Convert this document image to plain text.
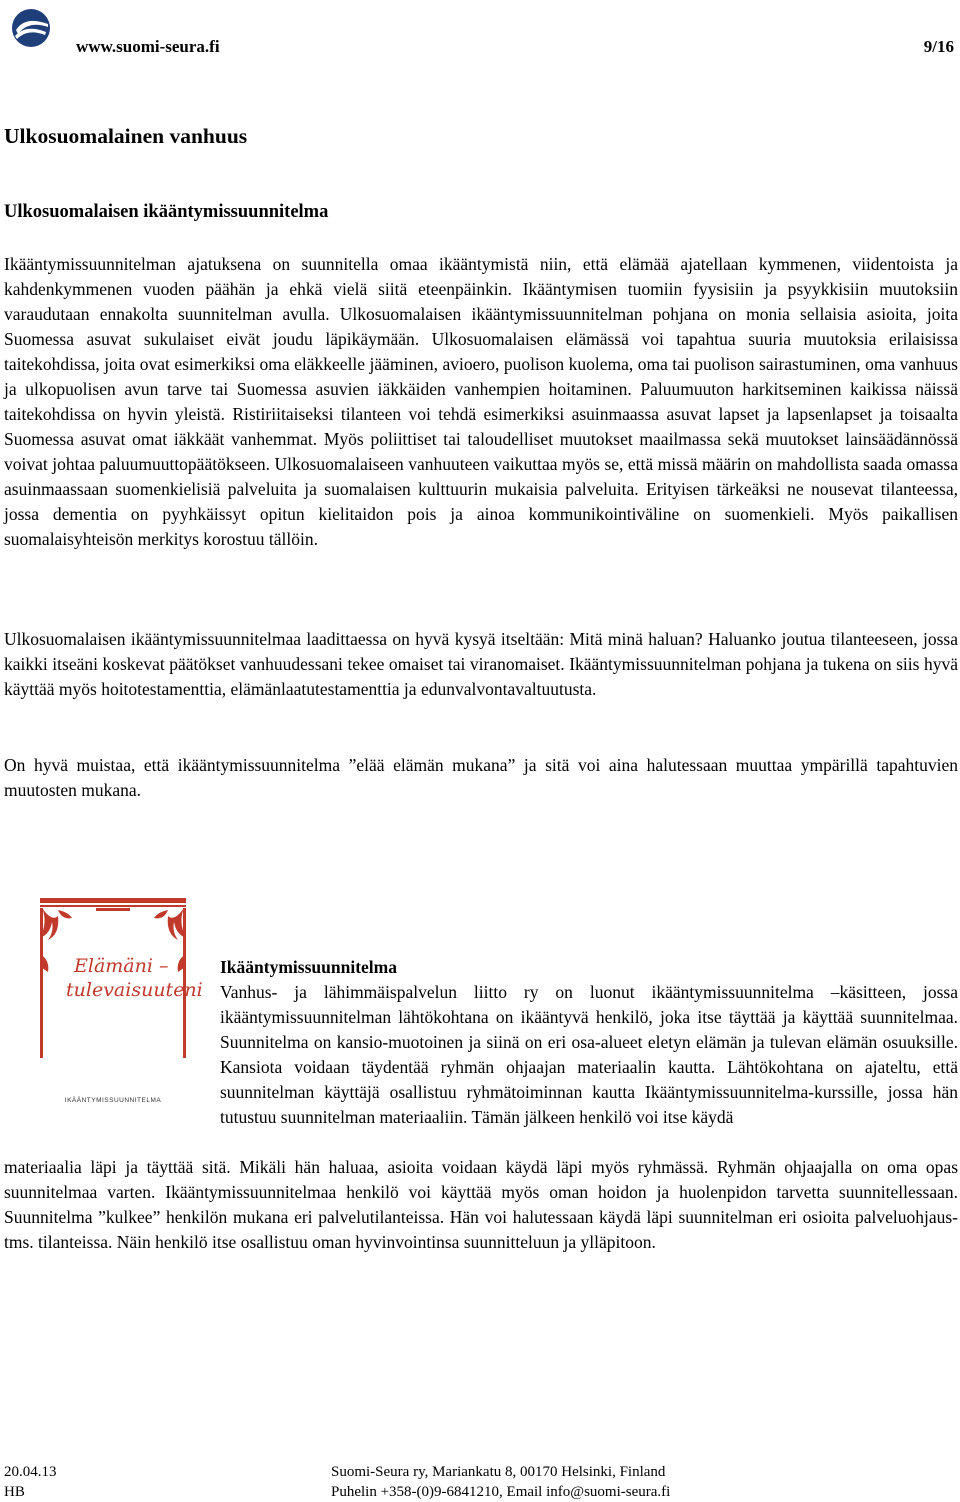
www.suomi-seura.fi	9/16
Ulkosuomalainen vanhuus
Ulkosuomalaisen ikääntymissuunnitelma
Ikääntymissuunnitelman ajatuksena on suunnitella omaa ikääntymistä niin, että elämää ajatellaan kymmenen, viidentoista ja kahdenkymmenen vuoden päähän ja ehkä vielä siitä eteenpäinkin. Ikääntymisen tuomiin fyysisiin ja psyykkisiin muutoksiin varaudutaan ennakolta suunnitelman avulla. Ulkosuomalaisen ikääntymissuunnitelman pohjana on monia sellaisia asioita, joita Suomessa asuvat sukulaiset eivät joudu läpikäymään. Ulkosuomalaisen elämässä voi tapahtua suuria muutoksia erilaisissa taitekohdissa, joita ovat esimerkiksi oma eläkkeelle jääminen, avioero, puolison kuolema, oma tai puolison sairastuminen, oma vanhuus ja ulkopuolisen avun tarve tai Suomessa asuvien iäkkäiden vanhempien hoitaminen. Paluumuuton harkitseminen kaikissa näissä taitekohdissa on hyvin yleistä. Ristiriitaiseksi tilanteen voi tehdä esimerkiksi asuinmaassa asuvat lapset ja lapsenlapset ja toisaalta Suomessa asuvat omat iäkkäät vanhemmat. Myös poliittiset tai taloudelliset muutokset maailmassa sekä muutokset lainsäädännössä voivat johtaa paluumuuttopäätökseen. Ulkosuomalaiseen vanhuuteen vaikuttaa myös se, että missä määrin on mahdollista saada omassa asuinmaassaan suomenkielisiä palveluita ja suomalaisen kulttuurin mukaisia palveluita. Erityisen tärkeäksi ne nousevat tilanteessa, jossa dementia on pyyhkäissyt opitun kielitaidon pois ja ainoa kommunikointiväline on suomenkieli. Myös paikallisen suomalaisyhteisön merkitys korostuu tällöin.
Ulkosuomalaisen ikääntymissuunnitelmaa laadittaessa on hyvä kysyä itseltään: Mitä minä haluan? Haluanko joutua tilanteeseen, jossa kaikki itseäni koskevat päätökset vanhuudessani tekee omaiset tai viranomaiset. Ikääntymissuunnitelman pohjana ja tukena on siis hyvä käyttää myös hoitotestamenttia, elämänlaatutestamenttia ja edunvalvontavaltuutusta.
On hyvä muistaa, että ikääntymissuunnitelma ”elää elämän mukana” ja sitä voi aina halutessaan muuttaa ympärillä tapahtuvien muutosten mukana.
Elämäni –
tulevaisuuteni
IKÄÄNTYMISSUUNNITELMA
Ikääntymissuunnitelma
Vanhus- ja lähimmäispalvelun liitto ry on luonut ikääntymissuunnitelma –käsitteen, jossa ikääntymissuunnitelman lähtökohtana on ikääntyvä henkilö, joka itse täyttää ja käyttää suunnitelmaa. Suunnitelma on kansio-muotoinen ja siinä on eri osa-alueet eletyn elämän ja tulevan elämän osuuksille. Kansiota voidaan täydentää ryhmän ohjaajan materiaalin kautta. Lähtökohtana on ajateltu, että suunnitelman käyttäjä osallistuu ryhmätoiminnan kautta Ikääntymissuunnitelma-kurssille, jossa hän tutustuu suunnitelman materiaaliin. Tämän jälkeen henkilö voi itse käydä
materiaalia läpi ja täyttää sitä. Mikäli hän haluaa, asioita voidaan käydä läpi myös ryhmässä. Ryhmän ohjaajalla on oma opas suunnitelmaa varten. Ikääntymissuunnitelmaa henkilö voi käyttää myös oman hoidon ja huolenpidon tarvetta suunnitellessaan. Suunnitelma ”kulkee” henkilön mukana eri palvelutilanteissa. Hän voi halutessaan käydä läpi suunnitelman eri osioita palveluohjaus- tms. tilanteissa. Näin henkilö itse osallistuu oman hyvinvointinsa suunnitteluun ja ylläpitoon.
20.04.13
HB
Suomi-Seura ry, Mariankatu 8, 00170 Helsinki, Finland
Puhelin +358-(0)9-6841210, Email info@suomi-seura.fi
